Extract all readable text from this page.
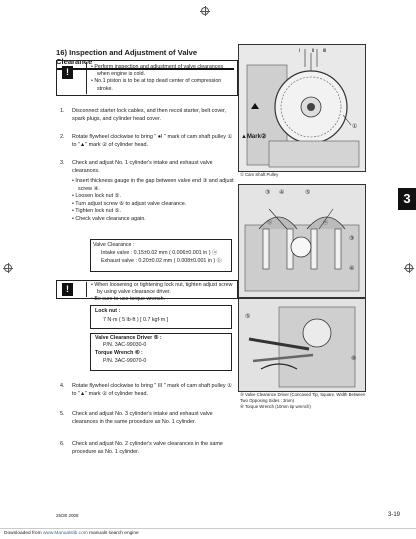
16) Inspection and Adjustment of Valve Clearance
!	• Perform inspection and adjustment of valve clearances when engine is cold.
• No.1 piston is to be at top dead center of compression stroke.
1. Disconnect starter lock cables, and then recoil starter, belt cover, spark plugs, and cylinder head cover.
2. Rotate flywheel clockwise to bring " ●I " mark of cam shaft pulley ① to "▲" mark ② of cylinder head.
3. Check and adjust No. 1 cylinder's intake and exhaust valve clearances.
• Insert thickness gauge in the gap between valve end ③ and adjust screw ④.
• Loosen lock nut ⑤.
• Turn adjust screw ⑥ to adjust valve clearance.
• Tighten lock nut ⑤.
• Check valve clearance again.
Valve Clearance :
Intake valve : 0.15±0.02 mm ( 0.006±0.001 in ) ⓐ
Exhaust valve : 0.20±0.02 mm ( 0.008±0.001 in ) ⓑ
!	• When loosening or tightening lock nut, tighten adjust screw by using valve clearance driver.
• Be sure to use torque wrench.
Lock nut :
7 N·m ( 5 lb·ft ) [ 0.7 kgf·m ]
Valve Clearance Driver ⑤ :
P/N. 3AC-99030-0
Torque Wrench ⑥ :
P/N. 3AC-99070-0
4. Rotate flywheel clockwise to bring " III " mark of cam shaft pulley ① to "▲" mark ② of cylinder head.
5. Check and adjust No. 3 cylinder's intake and exhaust valve clearances in the same procedure as No. 1 cylinder.
6. Check and adjust No. 2 cylinder's valve clearances in the same procedure as No. 1 cylinder.
▲Mark②
Ⅰ Ⅱ Ⅲ
①
① Cam Shaft Pulley
③ ④	⑤
③
④
ⓑ	ⓐ
⑤
⑥
⑤ Valve Clearance Driver (Concaved Tip, Square, Width Between Two Opposing Sides : 3mm)
⑥ Torque Wrench (10mm tip wrench)
3
25/30 2008	3-19
Downloaded from www.Manualslib.com manuals search engine
